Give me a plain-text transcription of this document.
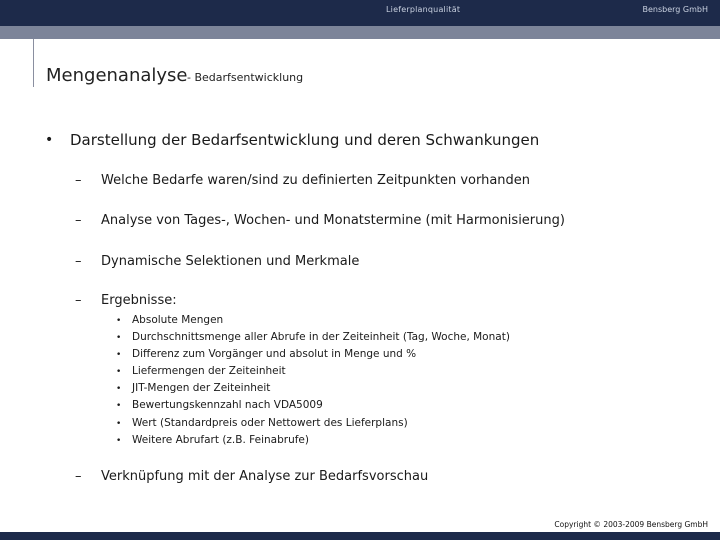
Lieferplanqualität	Bensberg GmbH
Mengenanalyse - Bedarfsentwicklung
• Darstellung der Bedarfsentwicklung und deren Schwankungen
– Welche Bedarfe waren/sind zu definierten Zeitpunkten vorhanden
– Analyse von Tages-, Wochen- und Monatstermine (mit Harmonisierung)
– Dynamische Selektionen und Merkmale
– Ergebnisse:
• Absolute Mengen
• Durchschnittsmenge aller Abrufe in der Zeiteinheit (Tag, Woche, Monat)
• Differenz zum Vorgänger und absolut in Menge und %
• Liefermengen der Zeiteinheit
• JIT-Mengen der Zeiteinheit
• Bewertungskennzahl nach VDA5009
• Wert (Standardpreis oder Nettowert des Lieferplans)
• Weitere Abrufart (z.B. Feinabrufe)
– Verknüpfung mit der Analyse zur Bedarfsvorschau
Copyright © 2003-2009 Bensberg GmbH
